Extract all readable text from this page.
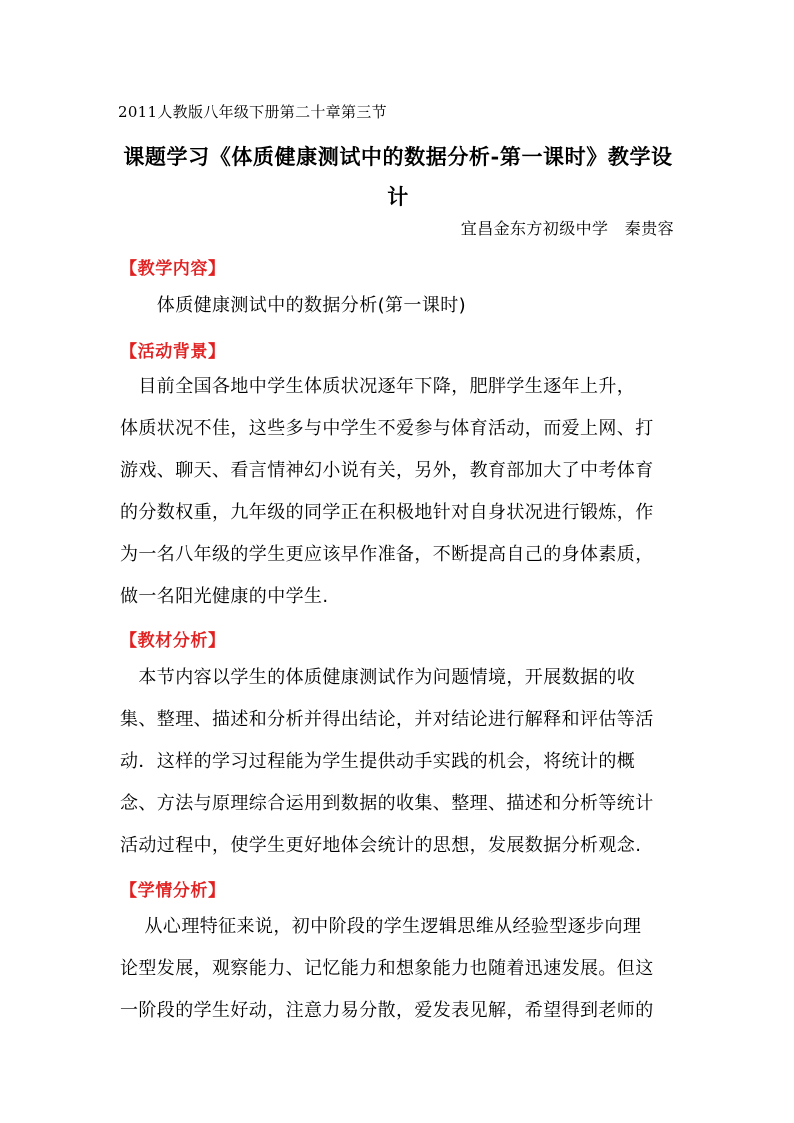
2011人教版八年级下册第二十章第三节

课题学习《体质健康测试中的数据分析-第一课时》教学设
计

宜昌金东方初级中学　秦贵容

【教学内容】

　　体质健康测试中的数据分析(第一课时)

【活动背景】

　目前全国各地中学生体质状况逐年下降，肥胖学生逐年上升，
体质状况不佳，这些多与中学生不爱参与体育活动，而爱上网、打
游戏、聊天、看言情神幻小说有关，另外，教育部加大了中考体育
的分数权重，九年级的同学正在积极地针对自身状况进行锻炼，作
为一名八年级的学生更应该早作准备，不断提高自己的身体素质，
做一名阳光健康的中学生.

【教材分析】

　本节内容以学生的体质健康测试作为问题情境，开展数据的收
集、整理、描述和分析并得出结论，并对结论进行解释和评估等活
动．这样的学习过程能为学生提供动手实践的机会，将统计的概
念、方法与原理综合运用到数据的收集、整理、描述和分析等统计
活动过程中，使学生更好地体会统计的思想，发展数据分析观念.

【学情分析】

　 从心理特征来说，初中阶段的学生逻辑思维从经验型逐步向理
论型发展，观察能力、记忆能力和想象能力也随着迅速发展。但这
一阶段的学生好动，注意力易分散，爱发表见解，希望得到老师的
